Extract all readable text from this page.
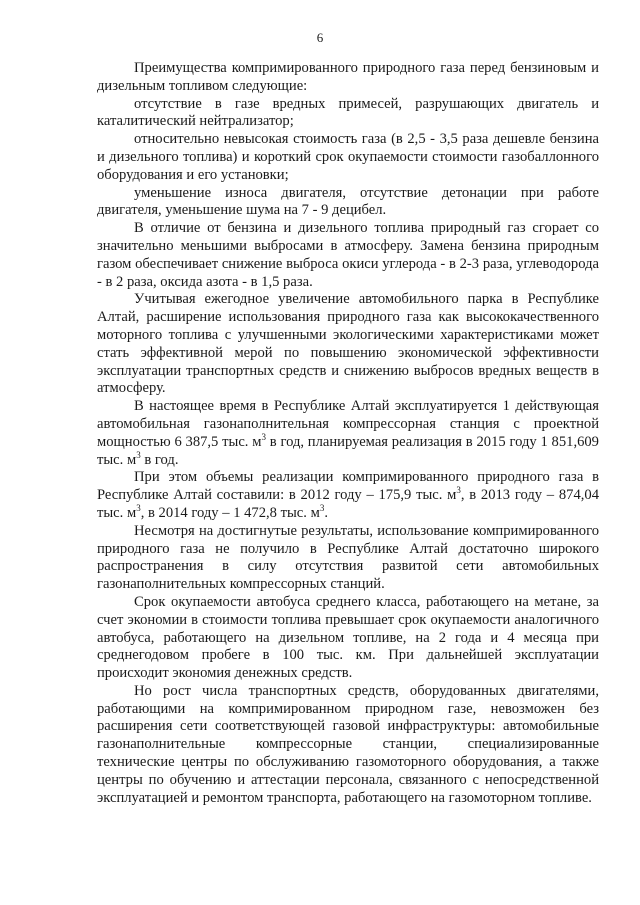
6

Преимущества компримированного природного газа перед бензиновым и дизельным топливом следующие:

отсутствие в газе вредных примесей, разрушающих двигатель и каталитический нейтрализатор;

относительно невысокая стоимость газа (в 2,5 - 3,5 раза дешевле бензина и дизельного топлива) и короткий срок окупаемости стоимости газобаллонного оборудования и его установки;

уменьшение износа двигателя, отсутствие детонации при работе двигателя, уменьшение шума на 7 - 9 децибел.

В отличие от бензина и дизельного топлива природный газ сгорает со значительно меньшими выбросами в атмосферу. Замена бензина природным газом обеспечивает снижение выброса окиси углерода - в 2-3 раза, углеводорода - в 2 раза, оксида азота - в 1,5 раза.

Учитывая ежегодное увеличение автомобильного парка в Республике Алтай, расширение использования природного газа как высококачественного моторного топлива с улучшенными экологическими характеристиками может стать эффективной мерой по повышению экономической эффективности эксплуатации транспортных средств и снижению выбросов вредных веществ в атмосферу.

В настоящее время в Республике Алтай эксплуатируется 1 действующая автомобильная газонаполнительная компрессорная станция с проектной мощностью 6 387,5 тыс. $м^3$ в год, планируемая реализация в 2015 году 1 851,609 тыс. $м^3$ в год.

При этом объемы реализации компримированного природного газа в Республике Алтай составили: в 2012 году – 175,9 тыс. $м^3$, в 2013 году – 874,04 тыс. $м^3$, в 2014 году – 1 472,8 тыс. $м^3$.

Несмотря на достигнутые результаты, использование компримированного природного газа не получило в Республике Алтай достаточно широкого распространения в силу отсутствия развитой сети автомобильных газонаполнительных компрессорных станций.

Срок окупаемости автобуса среднего класса, работающего на метане, за счет экономии в стоимости топлива превышает срок окупаемости аналогичного автобуса, работающего на дизельном топливе, на 2 года и 4 месяца при среднегодовом пробеге в 100 тыс. км. При дальнейшей эксплуатации происходит экономия денежных средств.

Но рост числа транспортных средств, оборудованных двигателями, работающими на компримированном природном газе, невозможен без расширения сети соответствующей газовой инфраструктуры: автомобильные газонаполнительные компрессорные станции, специализированные технические центры по обслуживанию газомоторного оборудования, а также центры по обучению и аттестации персонала, связанного с непосредственной эксплуатацией и ремонтом транспорта, работающего на газомоторном топливе.
